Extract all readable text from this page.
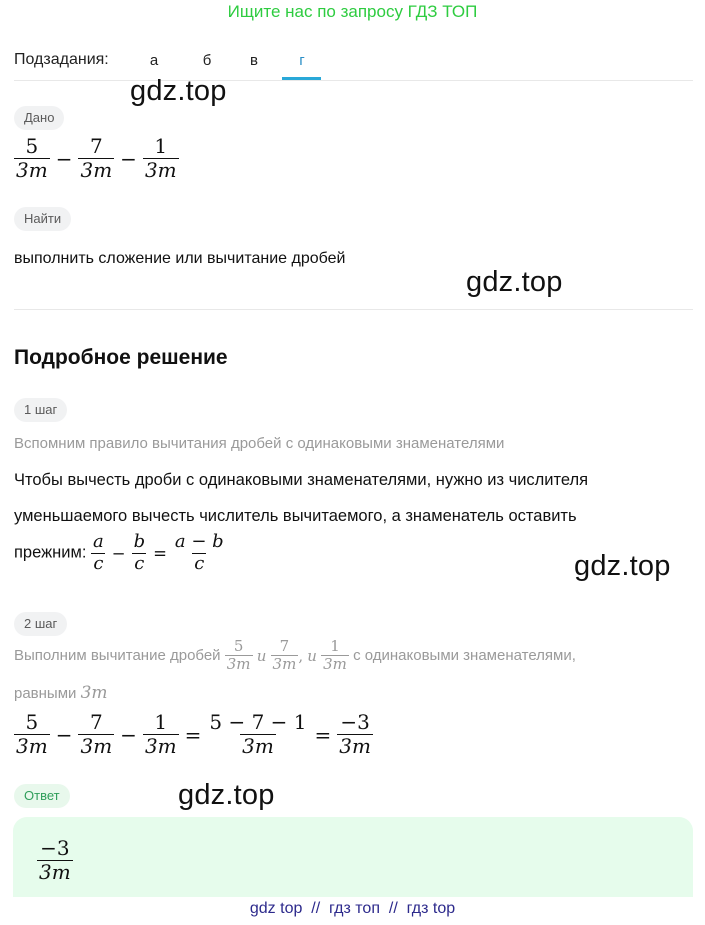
Ищите нас по запросу ГДЗ ТОП
Подзадания:	а	б	в	г
gdz.top
gdz.top
gdz.top
gdz.top
Дано
$\frac{5}{3m} - \frac{7}{3m} - \frac{1}{3m}$
Найти
выполнить сложение или вычитание дробей
Подробное решение
1 шаг
Вспомним правило вычитания дробей с одинаковыми знаменателями
Чтобы вычесть дроби с одинаковыми знаменателями, нужно из числителя
уменьшаемого вычесть числитель вычитаемого, а знаменатель оставить
прежним: $\frac{a}{c} - \frac{b}{c} = \frac{a - b}{c}$
2 шаг
Выполним вычитание дробей $\frac{5}{3m}$ и $\frac{7}{3m}$ , и $\frac{1}{3m}$ с одинаковыми знаменателями,
равными 3m
$\frac{5}{3m} - \frac{7}{3m} - \frac{1}{3m} = \frac{5 - 7 - 1}{3m} = \frac{-3}{3m}$
Ответ
$\frac{-3}{3m}$
gdz top  //  гдз топ  //  гдз top
